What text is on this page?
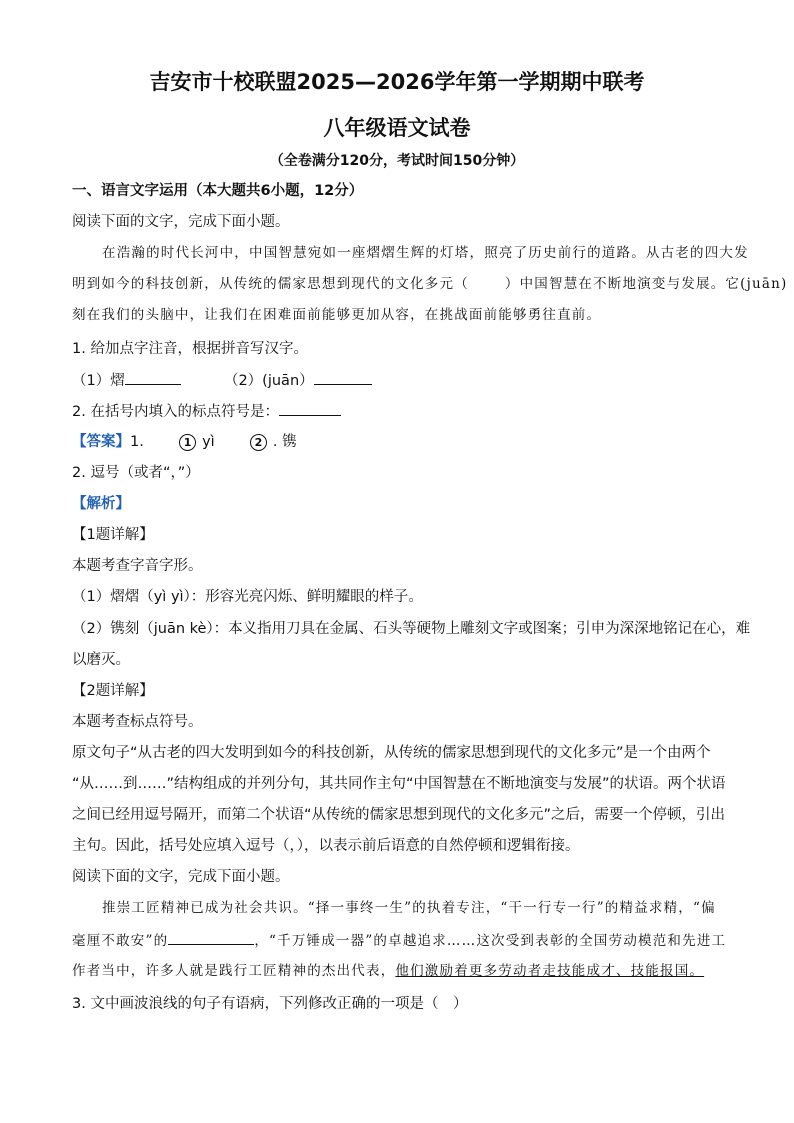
吉安市十校联盟2025—2026学年第一学期期中联考
八年级语文试卷
（全卷满分120分，考试时间150分钟）
一、语言文字运用（本大题共6小题，12分）
阅读下面的文字，完成下面小题。
在浩瀚的时代长河中，中国智慧宛如一座熠熠生辉的灯塔，照亮了历史前行的道路。从古老的四大发
明到如今的科技创新，从传统的儒家思想到现代的文化多元（	）中国智慧在不断地演变与发展。它(juān)
刻在我们的头脑中，让我们在困难面前能够更加从容，在挑战面前能够勇往直前。
1. 给加点字注音，根据拼音写汉字。
（1）熠	（2）(juān）
2. 在括号内填入的标点符号是：
【答案】1.	1 yì	2 . 镌
2. 逗号（或者“，”）
【解析】
【1题详解】
本题考查字音字形。
（1）熠熠（yì yì）：形容光亮闪烁、鲜明耀眼的样子。
（2）镌刻（juān kè）：本义指用刀具在金属、石头等硬物上雕刻文字或图案；引申为深深地铭记在心，难
以磨灭。
【2题详解】
本题考查标点符号。
原文句子“从古老的四大发明到如今的科技创新，从传统的儒家思想到现代的文化多元”是一个由两个
“从……到……”结构组成的并列分句，其共同作主句“中国智慧在不断地演变与发展”的状语。两个状语
之间已经用逗号隔开，而第二个状语“从传统的儒家思想到现代的文化多元”之后，需要一个停顿，引出
主句。因此，括号处应填入逗号（，），以表示前后语意的自然停顿和逻辑衔接。
阅读下面的文字，完成下面小题。
推崇工匠精神已成为社会共识。“择一事终一生”的执着专注，“干一行专一行”的精益求精，“偏
毫厘不敢安”的	，“千万锤成一器”的卓越追求……这次受到表彰的全国劳动模范和先进工
作者当中，许多人就是践行工匠精神的杰出代表，他们激励着更多劳动者走技能成才、技能报国。
3. 文中画波浪线的句子有语病，下列修改正确的一项是（　）
